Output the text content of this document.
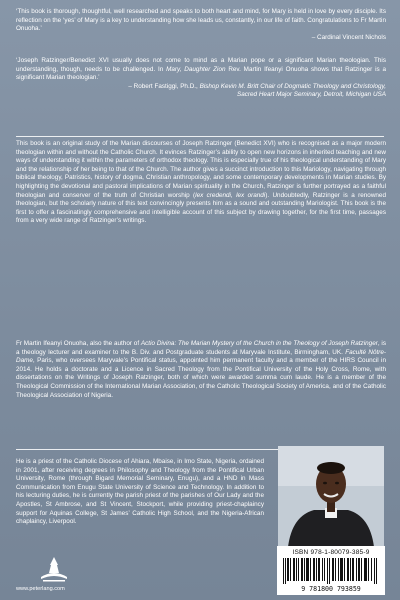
‘This book is thorough, thoughtful, well researched and speaks to both heart and mind, for Mary is held in love by every disciple. Its reflection on the ‘yes’ of Mary is a key to understanding how she leads us, constantly, in our life of faith. Congratulations to Fr Martin Onuoha.’

– Cardinal Vincent Nichols

‘Joseph Ratzinger/Benedict XVI usually does not come to mind as a Marian pope or a significant Marian theologian. This understanding, though, needs to be challenged. In Mary, Daughter Zion Rev. Martin Ifeanyi Onuoha shows that Ratzinger is a significant Marian theologian.’

– Robert Fastiggi, Ph.D., Bishop Kevin M. Britt Chair of Dogmatic Theology and Christology,

Sacred Heart Major Seminary, Detroit, Michigan USA

This book is an original study of the Marian discourses of Joseph Ratzinger (Benedict XVI) who is recognised as a major modern theologian within and without the Catholic Church. It evinces Ratzinger’s ability to open new horizons in inherited teaching and new ways of understanding it within the parameters of orthodox theology. This is especially true of his theological understanding of Mary and the relationship of her being to that of the Church. The author gives a succinct introduction to this Mariology, navigating through biblical theology, Patristics, history of dogma, Christian anthropology, and some contemporary developments in Marian studies. By highlighting the devotional and pastoral implications of Marian spirituality in the Church, Ratzinger is further portrayed as a faithful theologian and conserver of the truth of Christian worship (lex credendi, lex orandi). Undoubtedly, Ratzinger is a renowned theologian, but the scholarly nature of this text convincingly presents him as a sound and outstanding Mariologist. This book is the first to offer a fascinatingly comprehensive and intelligible account of this subject by drawing together, for the first time, passages from a very wide range of Ratzinger’s writings.

Fr Martin Ifeanyi Onuoha, also the author of Actio Divina: The Marian Mystery of the Church in the Theology of Joseph Ratzinger, is a theology lecturer and examiner to the B. Div. and Postgraduate students at Maryvale Institute, Birmingham, UK. Faculté Nôtre-Dame, Paris, who oversees Maryvale’s Pontifical status, appointed him permanent faculty and a member of the HIRS Council in 2014. He holds a doctorate and a Licence in Sacred Theology from the Pontifical University of the Holy Cross, Rome, with dissertations on the Writings of Joseph Ratzinger, both of which were awarded summa cum laude. He is a member of the Theological Commission of the International Marian Association, of the Catholic Theological Society of America, and of the Catholic Theological Association of Nigeria.

He is a priest of the Catholic Diocese of Ahiara, Mbaise, in Imo State, Nigeria, ordained in 2001, after receiving degrees in Philosophy and Theology from the Pontifical Urban University, Rome (through Bigard Memorial Seminary, Enugu), and a HND in Mass Communication from Enugu State University of Science and Technology. In addition to his lecturing duties, he is currently the parish priest of the parishes of Our Lady and the Apostles, St Ambrose, and St Vincent, Stockport, while providing priest-chaplaincy support for Aquinas College, St James’ Catholic High School, and the Nigeria-African chaplaincy, Liverpool.

www.peterlang.com
ISBN 978-1-80079-385-9
9 781800 793859
